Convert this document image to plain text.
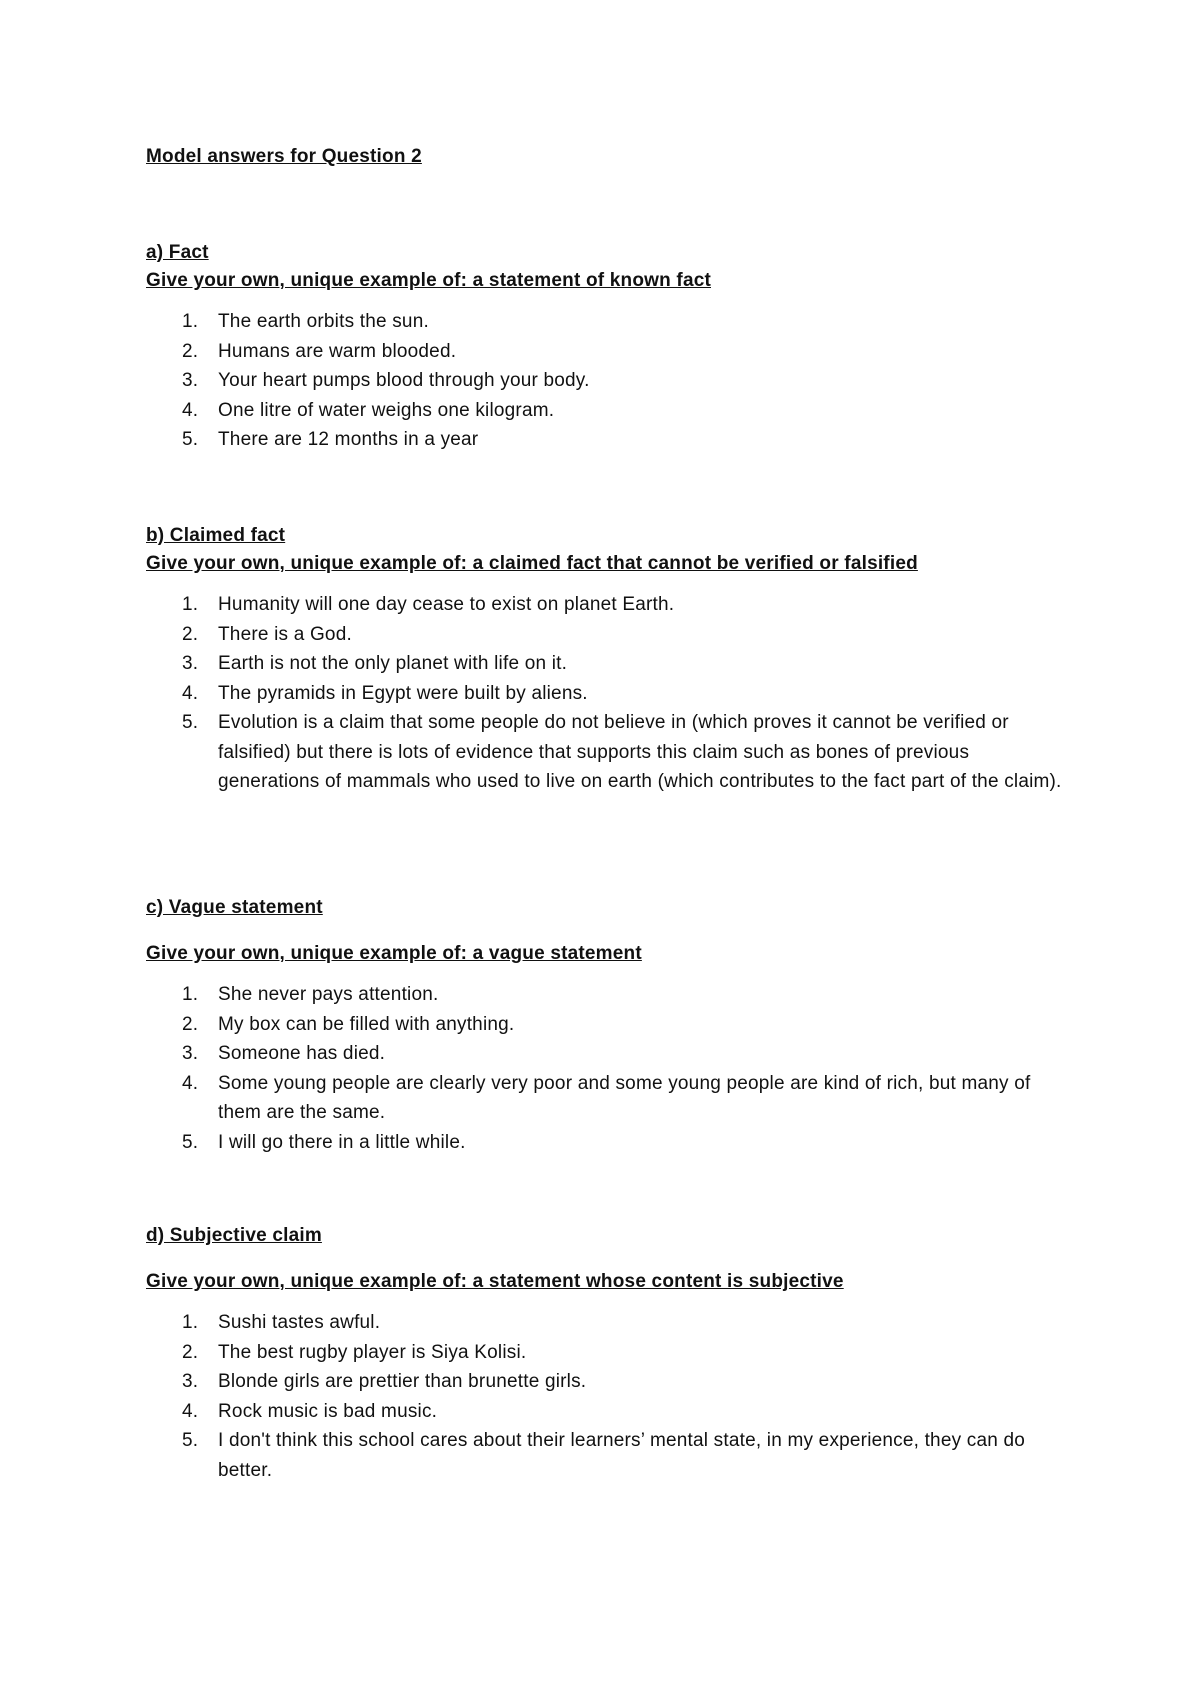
Model answers for Question 2

a) Fact

Give your own, unique example of: a statement of known fact

1.	The earth orbits the sun.
2.	Humans are warm blooded.
3.	Your heart pumps blood through your body.
4.	One litre of water weighs one kilogram.
5.	There are 12 months in a year

b) Claimed fact

Give your own, unique example of: a claimed fact that cannot be verified or falsified

1.	Humanity will one day cease to exist on planet Earth.
2.	There is a God.
3.	Earth is not the only planet with life on it.
4.	The pyramids in Egypt were built by aliens.
5.	Evolution is a claim that some people do not believe in (which proves it cannot be verified or falsified) but there is lots of evidence that supports this claim such as bones of previous generations of mammals who used to live on earth (which contributes to the fact part of the claim).

c) Vague statement

Give your own, unique example of: a vague statement

1.	She never pays attention.
2.	My box can be filled with anything.
3.	Someone has died.
4.	Some young people are clearly very poor and some young people are kind of rich, but many of them are the same.
5.	I will go there in a little while.

d) Subjective claim

Give your own, unique example of: a statement whose content is subjective

1.	Sushi tastes awful.
2.	The best rugby player is Siya Kolisi.
3.	Blonde girls are prettier than brunette girls.
4.	Rock music is bad music.
5.	I don't think this school cares about their learners’ mental state, in my experience, they can do better.
